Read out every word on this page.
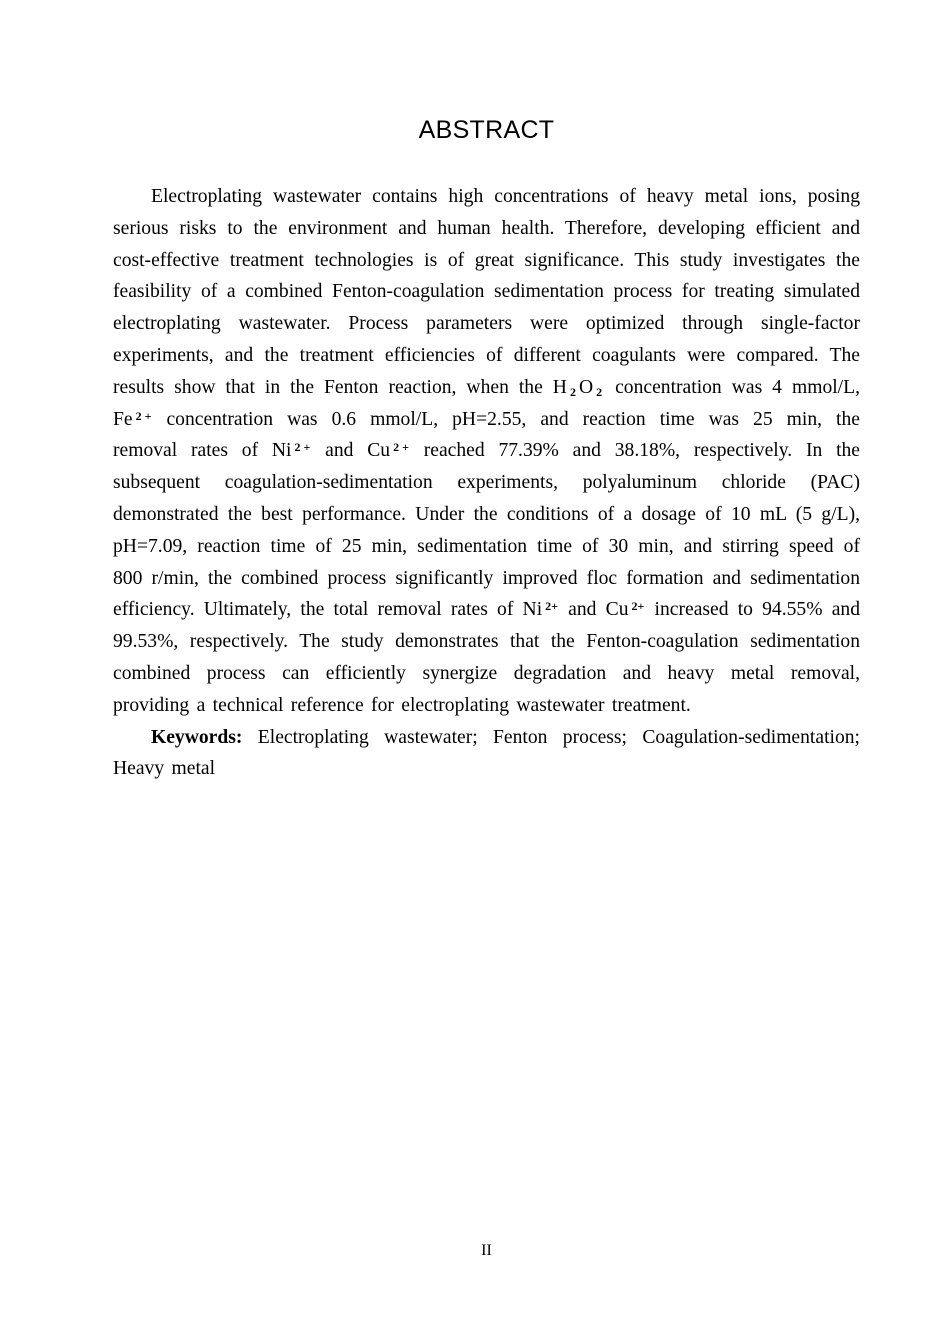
ABSTRACT
Electroplating wastewater contains high concentrations of heavy metal ions, posing
serious risks to the environment and human health. Therefore, developing efficient and
cost-effective treatment technologies is of great significance. This study investigates the
feasibility of a combined Fenton-coagulation sedimentation process for treating simulated
electroplating wastewater. Process parameters were optimized through single-factor
experiments, and the treatment efficiencies of different coagulants were compared. The
results show that in the Fenton reaction, when the H $_2$ O $_2$ concentration was 4 mmol/L,
Fe $^{2 +}$ concentration was 0.6 mmol/L, pH=2.55, and reaction time was 25 min, the
removal rates of Ni $^{2 +}$ and Cu $^{2 +}$ reached 77.39% and 38.18%, respectively. In the
subsequent coagulation-sedimentation experiments, polyaluminum chloride (PAC)
demonstrated the best performance. Under the conditions of a dosage of 10 mL (5 g/L),
pH=7.09, reaction time of 25 min, sedimentation time of 30 min, and stirring speed of
800 r/min, the combined process significantly improved floc formation and sedimentation
efficiency. Ultimately, the total removal rates of Ni $^{2+}$ and Cu $^{2+}$ increased to 94.55% and
99.53%, respectively. The study demonstrates that the Fenton-coagulation sedimentation
combined process can efficiently synergize degradation and heavy metal removal,
providing a technical reference for electroplating wastewater treatment.
Keywords: Electroplating wastewater; Fenton process; Coagulation-sedimentation;
Heavy metal
II
